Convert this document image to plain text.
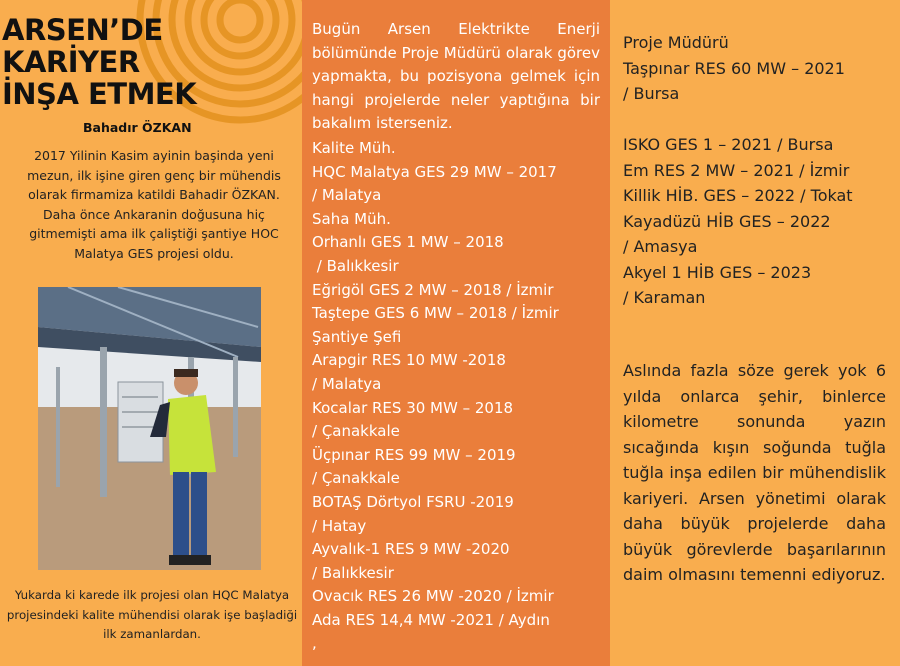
ARSEN’DE
KARİYER
İNŞA ETMEK
Bahadır ÖZKAN

2017 Yilinin Kasim ayinin başinda yeni mezun, ilk işine giren genç bir mühendis olarak firmamiza katildi Bahadir ÖZKAN. Daha önce Ankaranin doğusuna hiç gitmemişti ama ilk çaliştiği şantiye HOC Malatya GES projesi oldu.

Yukarda ki karede ilk projesi olan HQC Malatya projesindeki kalite mühendisi olarak işe başladiği ilk zamanlardan.

Bugün Arsen Elektrikte Enerji bölümünde Proje Müdürü olarak görev yapmakta, bu pozisyona gelmek için hangi projelerde neler yaptığına bir bakalım isterseniz.

Kalite Müh.
HQC Malatya GES 29 MW – 2017
/ Malatya
Saha Müh.
Orhanlı GES 1 MW – 2018
/ Balıkkesir
Eğrigöl GES 2 MW – 2018 / İzmir
Taştepe GES 6 MW – 2018 / İzmir
Şantiye Şefi
Arapgir RES 10 MW -2018
/ Malatya
Kocalar RES 30 MW – 2018
/ Çanakkale
Üçpınar RES 99 MW – 2019
/ Çanakkale
BOTAŞ Dörtyol FSRU -2019
/ Hatay
Ayvalık-1 RES 9 MW -2020
/ Balıkkesir
Ovacık RES 26 MW -2020 / İzmir
Ada RES 14,4 MW -2021 / Aydın
,
Proje Müdürü
Taşpınar RES 60 MW – 2021
/ Bursa
ISKO GES 1 – 2021 / Bursa
Em RES 2 MW – 2021 / İzmir
Killik HİB. GES – 2022 / Tokat
Kayadüzü HİB GES – 2022
/ Amasya
Akyel 1 HİB GES – 2023
/ Karaman

Aslında fazla söze gerek yok 6 yılda onlarca şehir, binlerce kilometre sonunda yazın sıcağında kışın soğunda tuğla tuğla inşa edilen bir mühendislik kariyeri. Arsen yönetimi olarak daha büyük projelerde daha büyük görevlerde başarılarının daim olmasını temenni ediyoruz.
